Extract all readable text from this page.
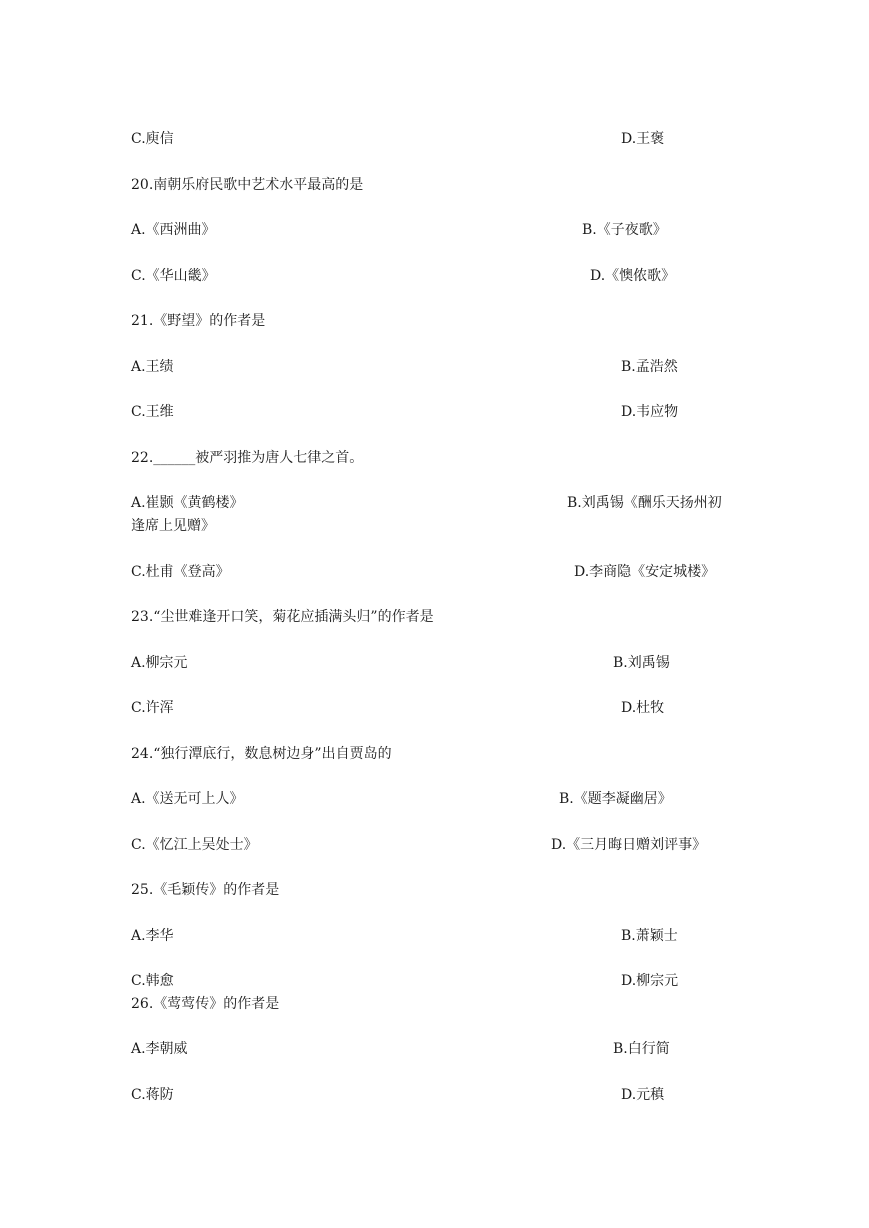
C.庾信	D.王褒
20.南朝乐府民歌中艺术水平最高的是
A.《西洲曲》	B.《子夜歌》
C.《华山畿》	D.《懊侬歌》
21.《野望》的作者是
A.王绩	B.孟浩然
C.王维	D.韦应物
22.______被严羽推为唐人七律之首。
A.崔颢《黄鹤楼》	B.刘禹锡《酬乐天扬州初
逢席上见赠》
C.杜甫《登高》	D.李商隐《安定城楼》
23.“尘世难逢开口笑，菊花应插满头归”的作者是
A.柳宗元	B.刘禹锡
C.许浑	D.杜牧
24.“独行潭底行，数息树边身”出自贾岛的
A.《送无可上人》	B.《题李凝幽居》
C.《忆江上吴处士》	D.《三月晦日赠刘评事》
25.《毛颖传》的作者是
A.李华	B.萧颖士
C.韩愈	D.柳宗元
26.《莺莺传》的作者是
A.李朝威	B.白行简
C.蒋防	D.元稹
